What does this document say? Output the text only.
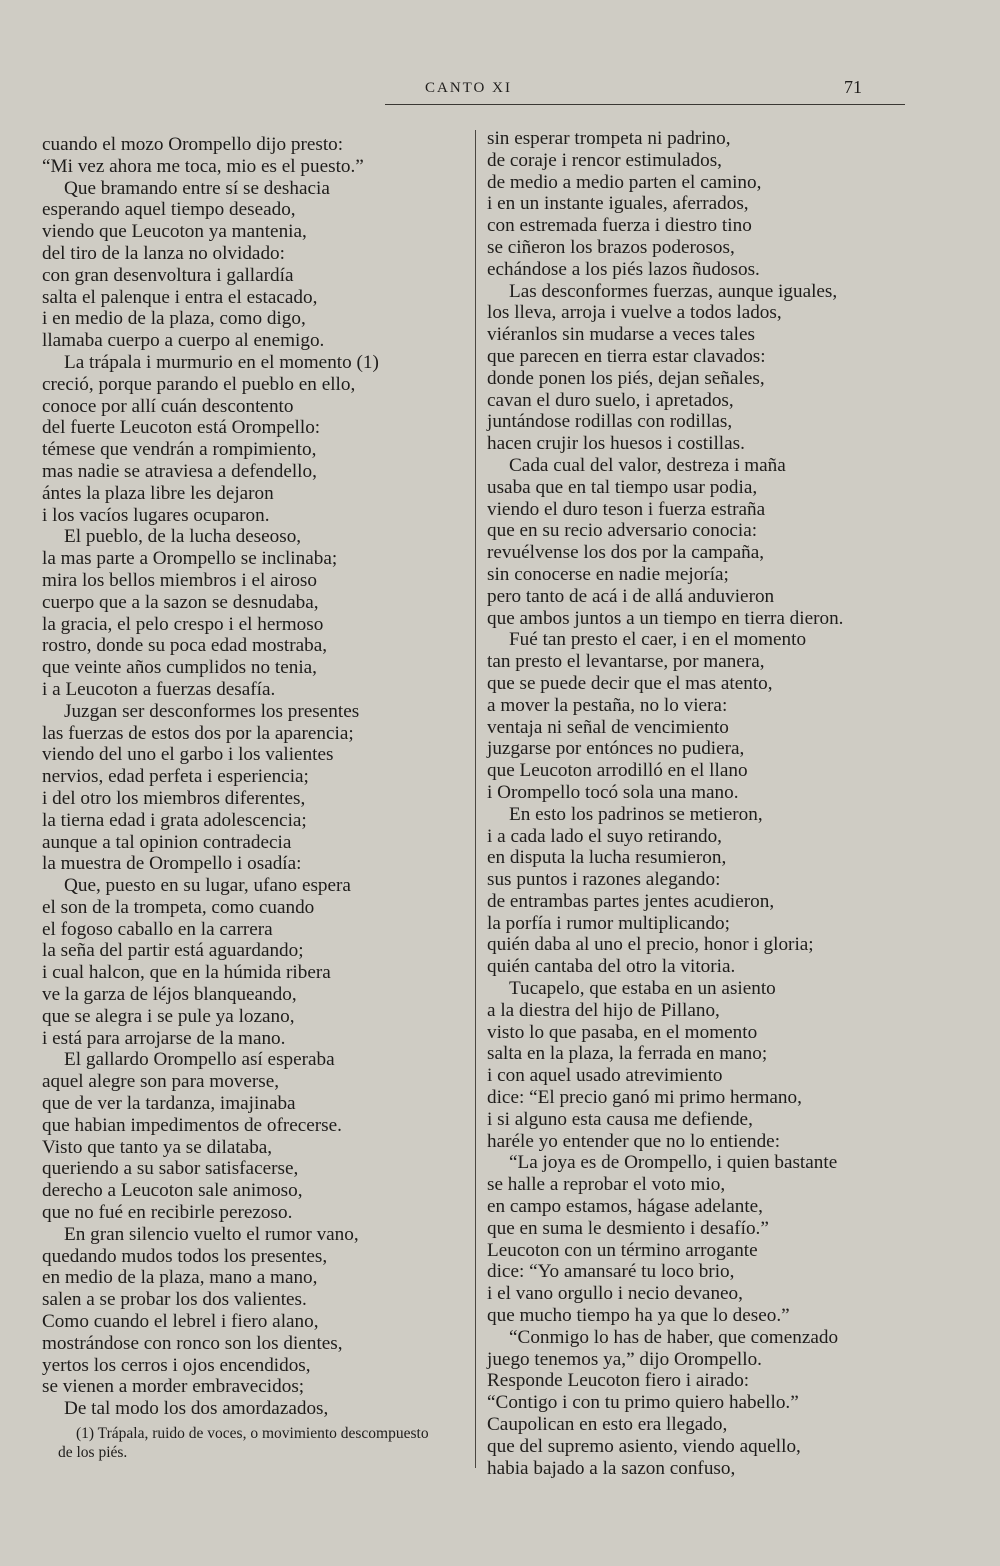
CANTO XI	71
cuando el mozo Orompello dijo presto:
“Mi vez ahora me toca, mio es el puesto.”
Que bramando entre sí se deshacia
esperando aquel tiempo deseado,
viendo que Leucoton ya mantenia,
del tiro de la lanza no olvidado:
con gran desenvoltura i gallardía
salta el palenque i entra el estacado,
i en medio de la plaza, como digo,
llamaba cuerpo a cuerpo al enemigo.
La trápala i murmurio en el momento (1)
creció, porque parando el pueblo en ello,
conoce por allí cuán descontento
del fuerte Leucoton está Orompello:
témese que vendrán a rompimiento,
mas nadie se atraviesa a defendello,
ántes la plaza libre les dejaron
i los vacíos lugares ocuparon.
El pueblo, de la lucha deseoso,
la mas parte a Orompello se inclinaba;
mira los bellos miembros i el airoso
cuerpo que a la sazon se desnudaba,
la gracia, el pelo crespo i el hermoso
rostro, donde su poca edad mostraba,
que veinte años cumplidos no tenia,
i a Leucoton a fuerzas desafía.
Juzgan ser desconformes los presentes
las fuerzas de estos dos por la aparencia;
viendo del uno el garbo i los valientes
nervios, edad perfeta i esperiencia;
i del otro los miembros diferentes,
la tierna edad i grata adolescencia;
aunque a tal opinion contradecia
la muestra de Orompello i osadía:
Que, puesto en su lugar, ufano espera
el son de la trompeta, como cuando
el fogoso caballo en la carrera
la seña del partir está aguardando;
i cual halcon, que en la húmida ribera
ve la garza de léjos blanqueando,
que se alegra i se pule ya lozano,
i está para arrojarse de la mano.
El gallardo Orompello así esperaba
aquel alegre son para moverse,
que de ver la tardanza, imajinaba
que habian impedimentos de ofrecerse.
Visto que tanto ya se dilataba,
queriendo a su sabor satisfacerse,
derecho a Leucoton sale animoso,
que no fué en recibirle perezoso.
En gran silencio vuelto el rumor vano,
quedando mudos todos los presentes,
en medio de la plaza, mano a mano,
salen a se probar los dos valientes.
Como cuando el lebrel i fiero alano,
mostrándose con ronco son los dientes,
yertos los cerros i ojos encendidos,
se vienen a morder embravecidos;
De tal modo los dos amordazados,
sin esperar trompeta ni padrino,
de coraje i rencor estimulados,
de medio a medio parten el camino,
i en un instante iguales, aferrados,
con estremada fuerza i diestro tino
se ciñeron los brazos poderosos,
echándose a los piés lazos ñudosos.
Las desconformes fuerzas, aunque iguales,
los lleva, arroja i vuelve a todos lados,
viéranlos sin mudarse a veces tales
que parecen en tierra estar clavados:
donde ponen los piés, dejan señales,
cavan el duro suelo, i apretados,
juntándose rodillas con rodillas,
hacen crujir los huesos i costillas.
Cada cual del valor, destreza i maña
usaba que en tal tiempo usar podia,
viendo el duro teson i fuerza estraña
que en su recio adversario conocia:
revuélvense los dos por la campaña,
sin conocerse en nadie mejoría;
pero tanto de acá i de allá anduvieron
que ambos juntos a un tiempo en tierra dieron.
Fué tan presto el caer, i en el momento
tan presto el levantarse, por manera,
que se puede decir que el mas atento,
a mover la pestaña, no lo viera:
ventaja ni señal de vencimiento
juzgarse por entónces no pudiera,
que Leucoton arrodilló en el llano
i Orompello tocó sola una mano.
En esto los padrinos se metieron,
i a cada lado el suyo retirando,
en disputa la lucha resumieron,
sus puntos i razones alegando:
de entrambas partes jentes acudieron,
la porfía i rumor multiplicando;
quién daba al uno el precio, honor i gloria;
quién cantaba del otro la vitoria.
Tucapelo, que estaba en un asiento
a la diestra del hijo de Pillano,
visto lo que pasaba, en el momento
salta en la plaza, la ferrada en mano;
i con aquel usado atrevimiento
dice: “El precio ganó mi primo hermano,
i si alguno esta causa me defiende,
haréle yo entender que no lo entiende:
“La joya es de Orompello, i quien bastante
se halle a reprobar el voto mio,
en campo estamos, hágase adelante,
que en suma le desmiento i desafío.”
Leucoton con un término arrogante
dice: “Yo amansaré tu loco brio,
i el vano orgullo i necio devaneo,
que mucho tiempo ha ya que lo deseo.”
“Conmigo lo has de haber, que comenzado
juego tenemos ya,” dijo Orompello.
Responde Leucoton fiero i airado:
“Contigo i con tu primo quiero habello.”
Caupolican en esto era llegado,
que del supremo asiento, viendo aquello,
habia bajado a la sazon confuso,
(1) Trápala, ruido de voces, o movimiento descompuesto
de los piés.
